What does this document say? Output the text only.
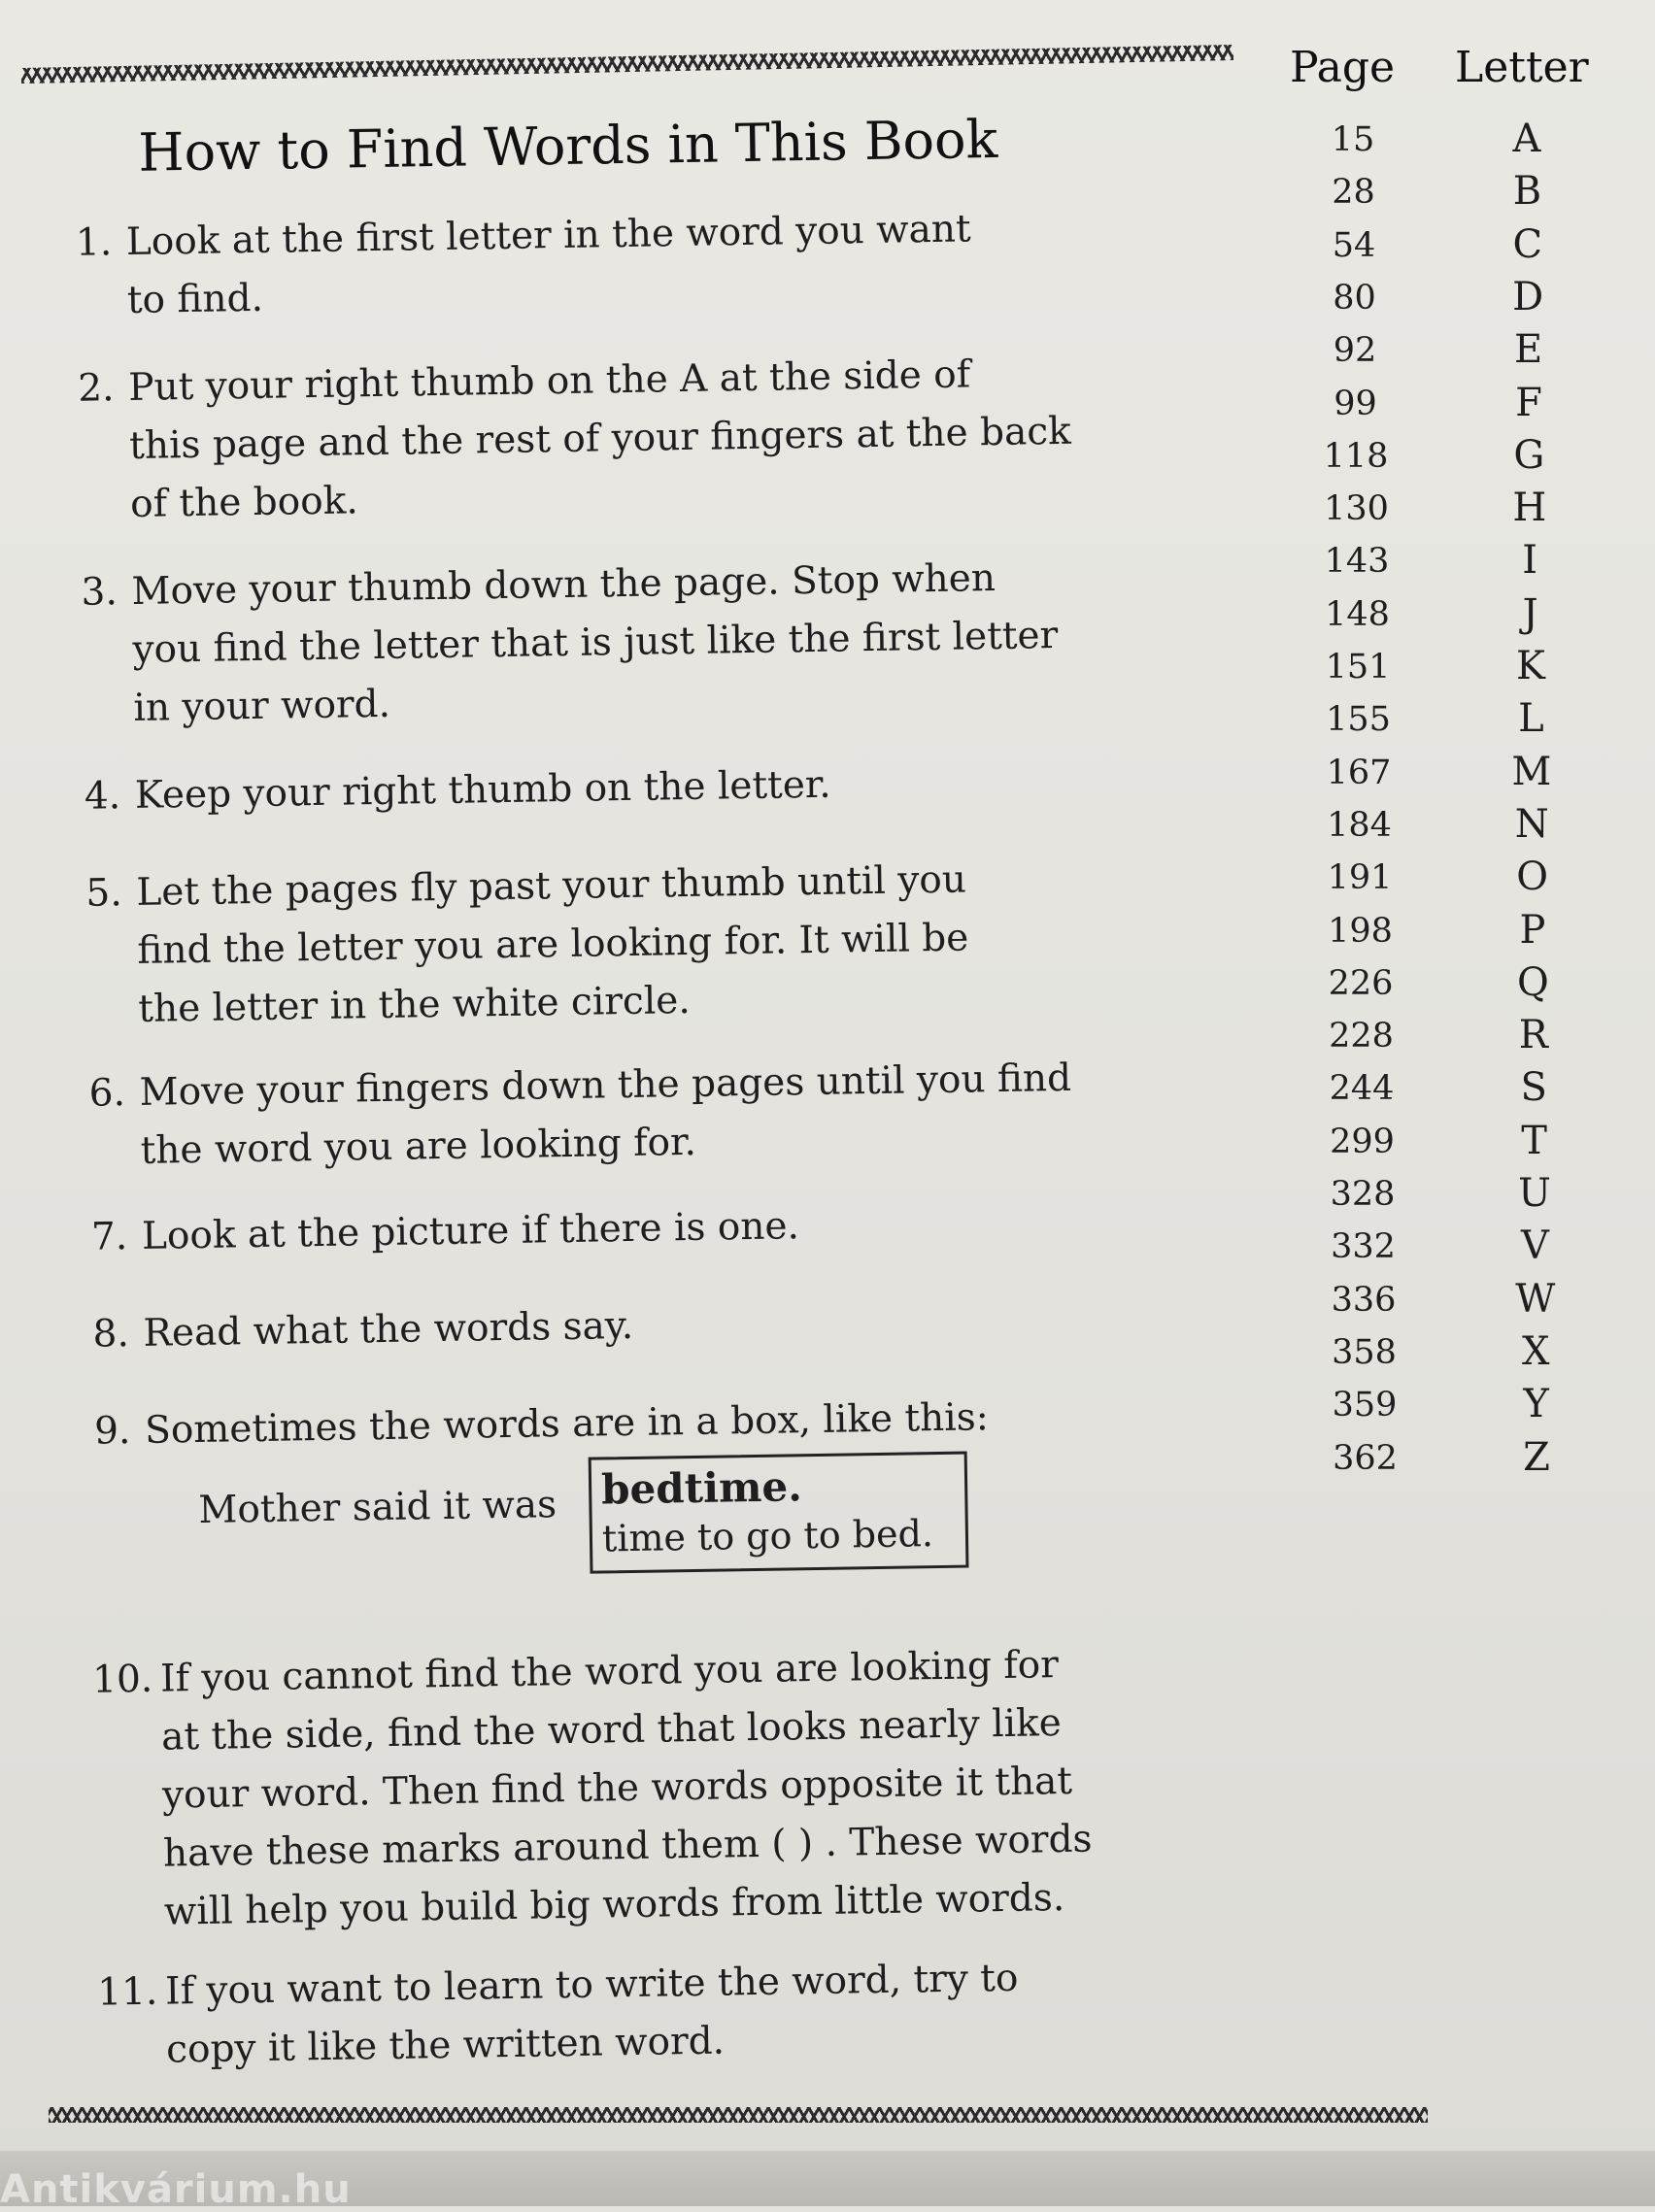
How to Find Words in This Book
1. Look at the first letter in the word you want
to find.
2. Put your right thumb on the A at the side of
this page and the rest of your fingers at the back
of the book.
3. Move your thumb down the page. Stop when
you find the letter that is just like the first letter
in your word.
4. Keep your right thumb on the letter.
5. Let the pages fly past your thumb until you
find the letter you are looking for. It will be
the letter in the white circle.
6. Move your fingers down the pages until you find
the word you are looking for.
7. Look at the picture if there is one.
8. Read what the words say.
9. Sometimes the words are in a box, like this:
Mother said it was bedtime.
time to go to bed.
10. If you cannot find the word you are looking for
at the side, find the word that looks nearly like
your word. Then find the words opposite it that
have these marks around them ( ) . These words
will help you build big words from little words.
11. If you want to learn to write the word, try to
copy it like the written word.
Page Letter
15	A
28	B
54	C
80	D
92	E
99	F
118	G
130	H
143	I
148	J
151	K
155	L
167	M
184	N
191	O
198	P
226	Q
228	R
244	S
299	T
328	U
332	V
336	W
358	X
359	Y
362	Z
Antikvárium.hu
